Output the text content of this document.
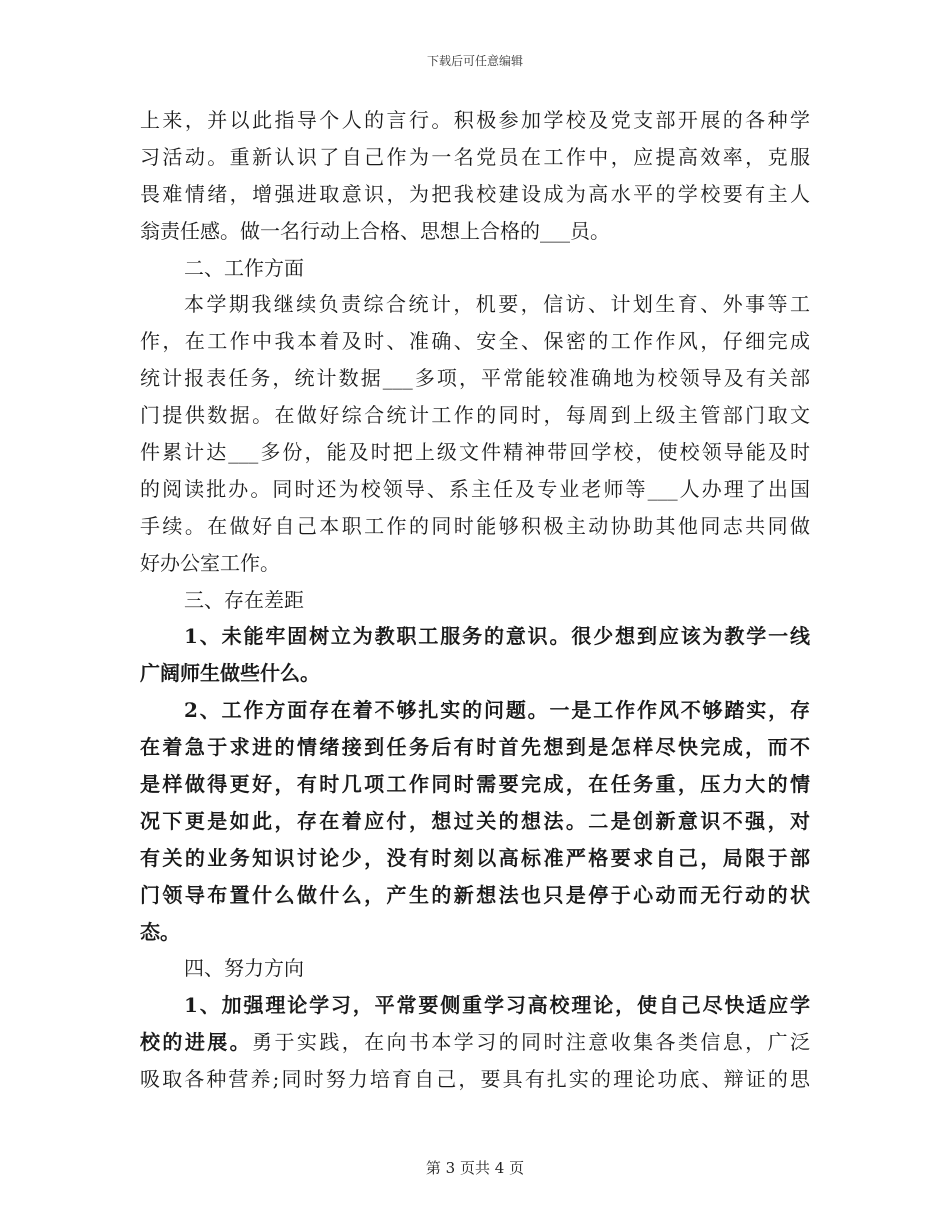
下载后可任意编辑
上来，并以此指导个人的言行。积极参加学校及党支部开展的各种学
习活动。重新认识了自己作为一名党员在工作中，应提高效率，克服
畏难情绪，增强进取意识，为把我校建设成为高水平的学校要有主人
翁责任感。做一名行动上合格、思想上合格的___员。
二、工作方面
本学期我继续负责综合统计，机要，信访、计划生育、外事等工
作，在工作中我本着及时、准确、安全、保密的工作作风，仔细完成
统计报表任务，统计数据___多项，平常能较准确地为校领导及有关部
门提供数据。在做好综合统计工作的同时，每周到上级主管部门取文
件累计达___多份，能及时把上级文件精神带回学校，使校领导能及时
的阅读批办。同时还为校领导、系主任及专业老师等___人办理了出国
手续。在做好自己本职工作的同时能够积极主动协助其他同志共同做
好办公室工作。
三、存在差距
1、未能牢固树立为教职工服务的意识。很少想到应该为教学一线
广阔师生做些什么。
2、工作方面存在着不够扎实的问题。一是工作作风不够踏实，存
在着急于求进的情绪接到任务后有时首先想到是怎样尽快完成，而不
是样做得更好，有时几项工作同时需要完成，在任务重，压力大的情
况下更是如此，存在着应付，想过关的想法。二是创新意识不强，对
有关的业务知识讨论少，没有时刻以高标准严格要求自己，局限于部
门领导布置什么做什么，产生的新想法也只是停于心动而无行动的状
态。
四、努力方向
1、加强理论学习，平常要侧重学习高校理论，使自己尽快适应学
校的进展。勇于实践，在向书本学习的同时注意收集各类信息，广泛
吸取各种营养;同时努力培育自己，要具有扎实的理论功底、辩证的思
第 3 页共 4 页
